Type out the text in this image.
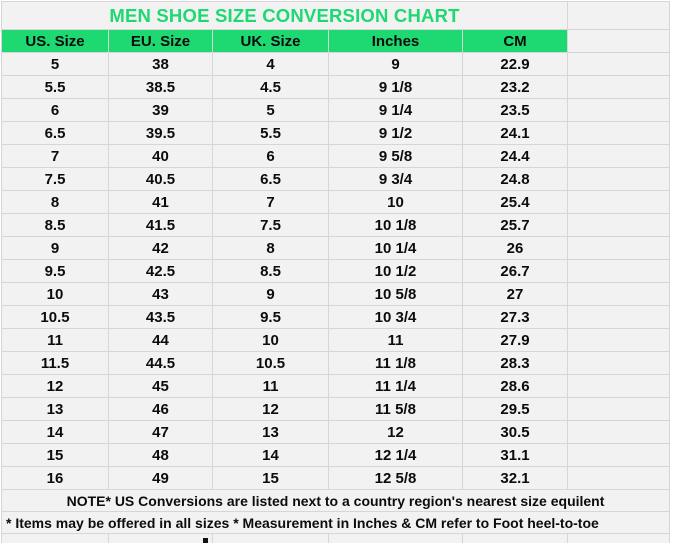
MEN SHOE SIZE CONVERSION CHART					
US. Size	EU. Size	UK. Size	Inches	CM	
5	38	4	9	22.9	
5.5	38.5	4.5	9 1/8	23.2	
6	39	5	9 1/4	23.5	
6.5	39.5	5.5	9 1/2	24.1	
7	40	6	9 5/8	24.4	
7.5	40.5	6.5	9 3/4	24.8	
8	41	7	10	25.4	
8.5	41.5	7.5	10 1/8	25.7	
9	42	8	10 1/4	26	
9.5	42.5	8.5	10 1/2	26.7	
10	43	9	10 5/8	27	
10.5	43.5	9.5	10 3/4	27.3	
11	44	10	11	27.9	
11.5	44.5	10.5	11 1/8	28.3	
12	45	11	11 1/4	28.6	
13	46	12	11 5/8	29.5	
14	47	13	12	30.5	
15	48	14	12 1/4	31.1	
16	49	15	12 5/8	32.1	
NOTE* US Conversions are listed next to a country region's nearest size equilent					

* Items may be offered in all sizes * Measurement in Inches & CM refer to Foot heel-to-toe					
